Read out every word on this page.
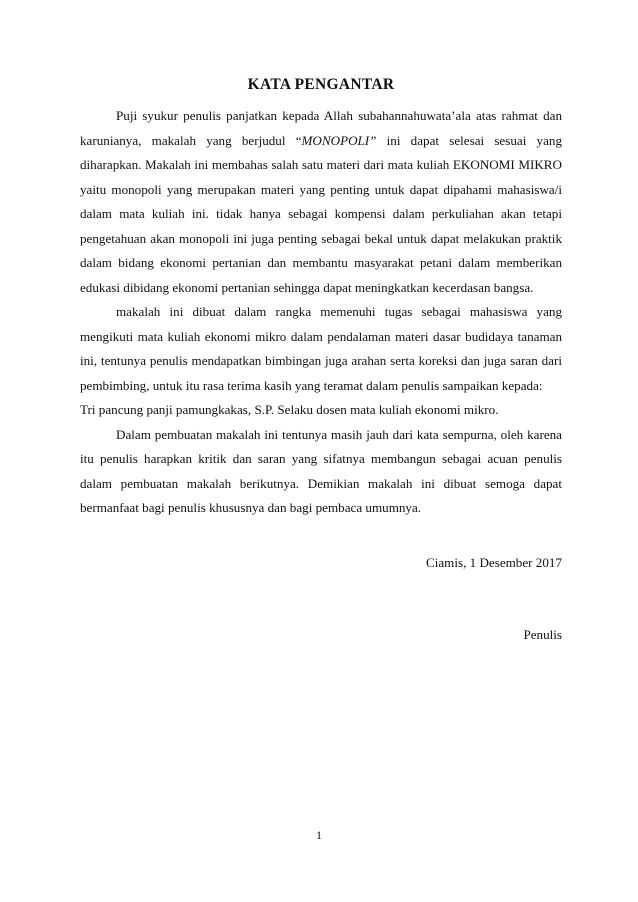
KATA PENGANTAR

Puji syukur penulis panjatkan kepada Allah subahannahuwata’ala atas rahmat dan karunianya, makalah yang berjudul “MONOPOLI” ini dapat selesai sesuai yang diharapkan. Makalah ini membahas salah satu materi dari mata kuliah EKONOMI MIKRO yaitu monopoli yang merupakan materi yang penting untuk dapat dipahami mahasiswa/i dalam mata kuliah ini. tidak hanya sebagai kompensi dalam perkuliahan akan tetapi pengetahuan akan monopoli ini juga penting sebagai bekal untuk dapat melakukan praktik dalam bidang ekonomi pertanian dan membantu masyarakat petani dalam memberikan edukasi dibidang ekonomi pertanian sehingga dapat meningkatkan kecerdasan bangsa.

makalah ini dibuat dalam rangka memenuhi tugas sebagai mahasiswa yang mengikuti mata kuliah ekonomi mikro dalam pendalaman materi dasar budidaya tanaman ini, tentunya penulis mendapatkan bimbingan juga arahan serta koreksi dan juga saran dari pembimbing, untuk itu rasa terima kasih yang teramat dalam penulis sampaikan kepada:

Tri pancung panji pamungkakas, S.P. Selaku dosen mata kuliah ekonomi mikro.

Dalam pembuatan makalah ini tentunya masih jauh dari kata sempurna, oleh karena itu penulis harapkan kritik dan saran yang sifatnya membangun sebagai acuan penulis dalam pembuatan makalah berikutnya. Demikian makalah ini dibuat semoga dapat bermanfaat bagi penulis khususnya dan bagi pembaca umumnya.

Ciamis, 1 Desember 2017
Penulis
1
